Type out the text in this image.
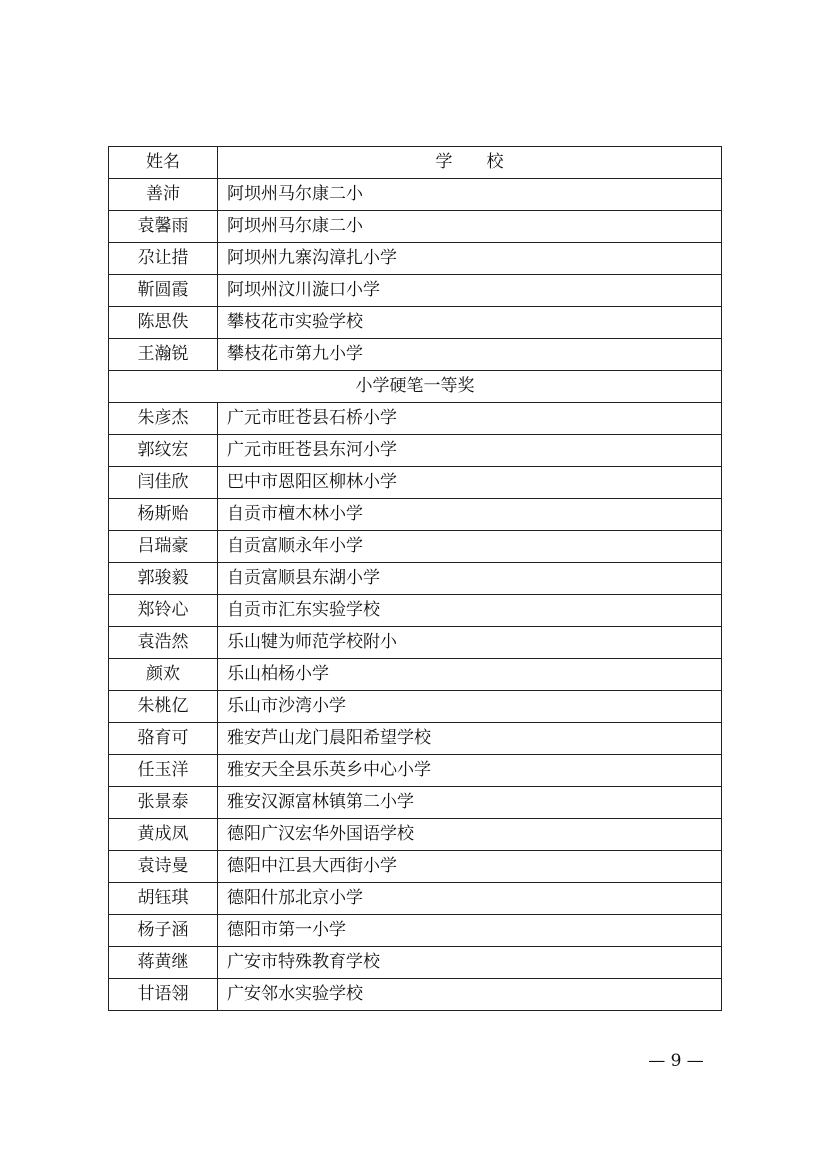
姓名	学　　校
善沛	阿坝州马尔康二小
袁馨雨	阿坝州马尔康二小
尕让措	阿坝州九寨沟漳扎小学
靳圆霞	阿坝州汶川漩口小学
陈思佚	攀枝花市实验学校
王瀚锐	攀枝花市第九小学
小学硬笔一等奖	
朱彦杰	广元市旺苍县石桥小学
郭纹宏	广元市旺苍县东河小学
闫佳欣	巴中市恩阳区柳林小学
杨斯贻	自贡市檀木林小学
吕瑞豪	自贡富顺永年小学
郭骏毅	自贡富顺县东湖小学
郑铃心	自贡市汇东实验学校
袁浩然	乐山犍为师范学校附小
颜欢	乐山柏杨小学
朱桃亿	乐山市沙湾小学
骆育可	雅安芦山龙门晨阳希望学校
任玉洋	雅安天全县乐英乡中心小学
张景泰	雅安汉源富林镇第二小学
黄成凤	德阳广汉宏华外国语学校
袁诗曼	德阳中江县大西街小学
胡钰琪	德阳什邡北京小学
杨子涵	德阳市第一小学
蒋黄继	广安市特殊教育学校
甘语翎	广安邻水实验学校
— 9 —
